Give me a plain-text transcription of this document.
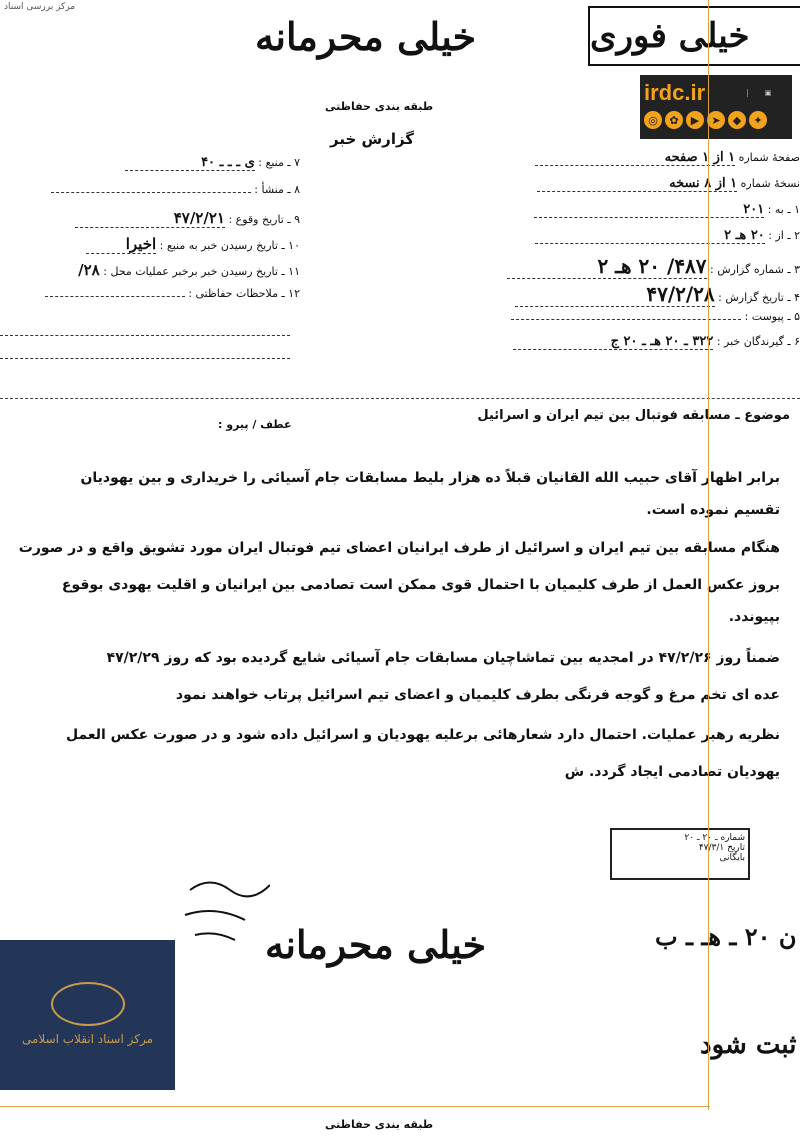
مرکز بررسی اسناد
خیلی محرمانه	خیلی فوری
irdc.ir	▣
◎	✿	▶	➤	◆	✦
طبقه بندی حفاظتی
گزارش خبر
۷ ـ منبع : ی ـ ـ ـ ۴۰
۸ ـ منشأ :
۹ ـ تاریخ وقوع : ۴۷/۲/۲۱
۱۰ ـ تاریخ رسیدن خبر به منبع : اخیرا
۱۱ ـ تاریخ رسیدن خبر برخبر عملیات محل : ۲۸/
۱۲ ـ ملاحظات حفاظتی :
صفحهٔ شماره ۱ از ۱ صفحه
نسخهٔ شماره ۱ از ۸ نسخه
۱ ـ به : ۲۰۱
۲ ـ از : ۲۰ هـ ۲
۳ ـ شماره گزارش : ۴۸۷/ ۲۰ هـ ۲
۴ ـ تاریخ گزارش : ۴۷/۲/۲۸
۵ ـ پیوست :
۶ ـ گیرندگان خبر : ۳۲۲ ـ ۲۰ هـ ـ ۲۰ ج
موضوع ـ مسابقه فوتبال بین تیم ایران و اسرائیل
عطف / پیرو :
برابر اظهار آقای حبیب الله القانیان قبلاً ده هزار بلیط مسابقات جام آسیائی را خریداری و بین یهودیان
تقسیم نموده است.
هنگام مسابقه بین تیم ایران و اسرائیل از طرف ایرانیان اعضای تیم فوتبال ایران مورد تشویق واقع و در صورت
بروز عکس العمل از طرف کلیمیان با احتمال قوی ممکن است تصادمی بین ایرانیان و اقلیت یهودی بوقوع
بپیوندد.
ضمناً روز ۴۷/۲/۲۶ در امجدیه بین تماشاچیان مسابقات جام آسیائی شایع گردیده بود که روز ۴۷/۲/۲۹
عده ای تخم مرغ و گوجه فرنگی بطرف کلیمیان و اعضای تیم اسرائیل پرتاب خواهند نمود
نظریه رهبر عملیات. احتمال دارد شعارهائی برعلیه یهودیان و اسرائیل داده شود و در صورت عکس العمل
یهودیان تصادمی ایجاد گردد. ش
شماره ـ ۲۰ ـ ۲۰
تاریخ ۴۷/۳/۱
بایگانی
ن ۲۰ ـ هـ ـ ب
خیلی محرمانه
ثبت شود
مرکز اسناد انقلاب اسلامی
طبقه بندی حفاظتی
